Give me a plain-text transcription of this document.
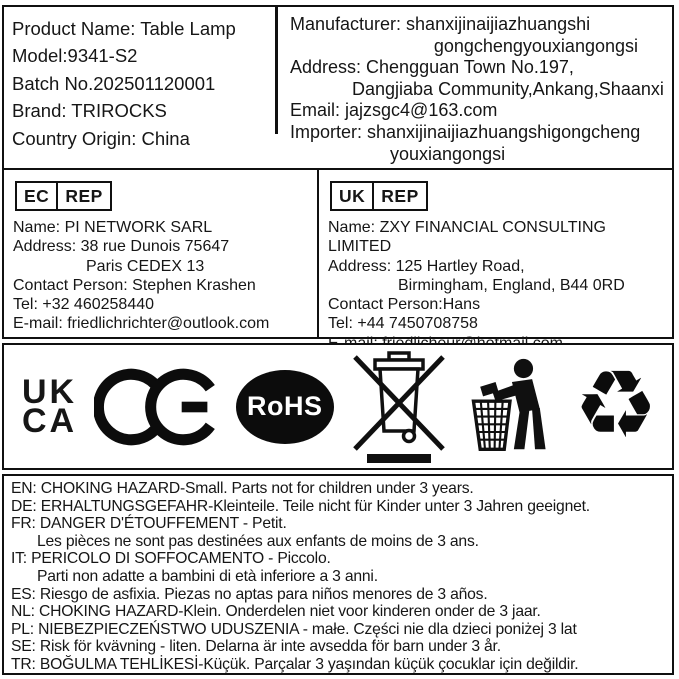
Product Name: Table Lamp
Model:9341-S2
Batch No.202501120001
Brand: TRIROCKS
Country Origin: China
Manufacturer: shanxijinaijiazhuangshi
gongchengyouxiangongsi
Address: Chengguan Town No.197,
Dangjiaba Community,Ankang,Shaanxi
Email: jajzsgc4@163.com
Importer: shanxijinaijiazhuangshigongcheng
youxiangongsi
EC REP
Name: PI NETWORK SARL
Address: 38 rue Dunois 75647
Paris CEDEX 13
Contact Person: Stephen Krashen
Tel: +32 460258440
E-mail: friedlichrichter@outlook.com
UK REP
Name: ZXY FINANCIAL CONSULTING LIMITED
Address: 125 Hartley Road,
Birmingham, England, B44 0RD
Contact Person:Hans
Tel: +44 7450708758
UK
CA	RoHS	♻
EN: CHOKING HAZARD-Small. Parts not for children under 3 years.
DE: ERHALTUNGSGEFAHR-Kleinteile. Teile nicht für Kinder unter 3 Jahren geeignet.
FR: DANGER D'ÉTOUFFEMENT - Petit.
Les pièces ne sont pas destinées aux enfants de moins de 3 ans.
IT: PERICOLO DI SOFFOCAMENTO - Piccolo.
Parti non adatte a bambini di età inferiore a 3 anni.
ES: Riesgo de asfixia. Piezas no aptas para niños menores de 3 años.
NL: CHOKING HAZARD-Klein. Onderdelen niet voor kinderen onder de 3 jaar.
PL: NIEBEZPIECZEŃSTWO UDUSZENIA - małe. Części nie dla dzieci poniżej 3 lat
SE: Risk för kvävning - liten. Delarna är inte avsedda för barn under 3 år.
TR: BOĞULMA TEHLİKESİ-Küçük. Parçalar 3 yaşından küçük çocuklar için değildir.
